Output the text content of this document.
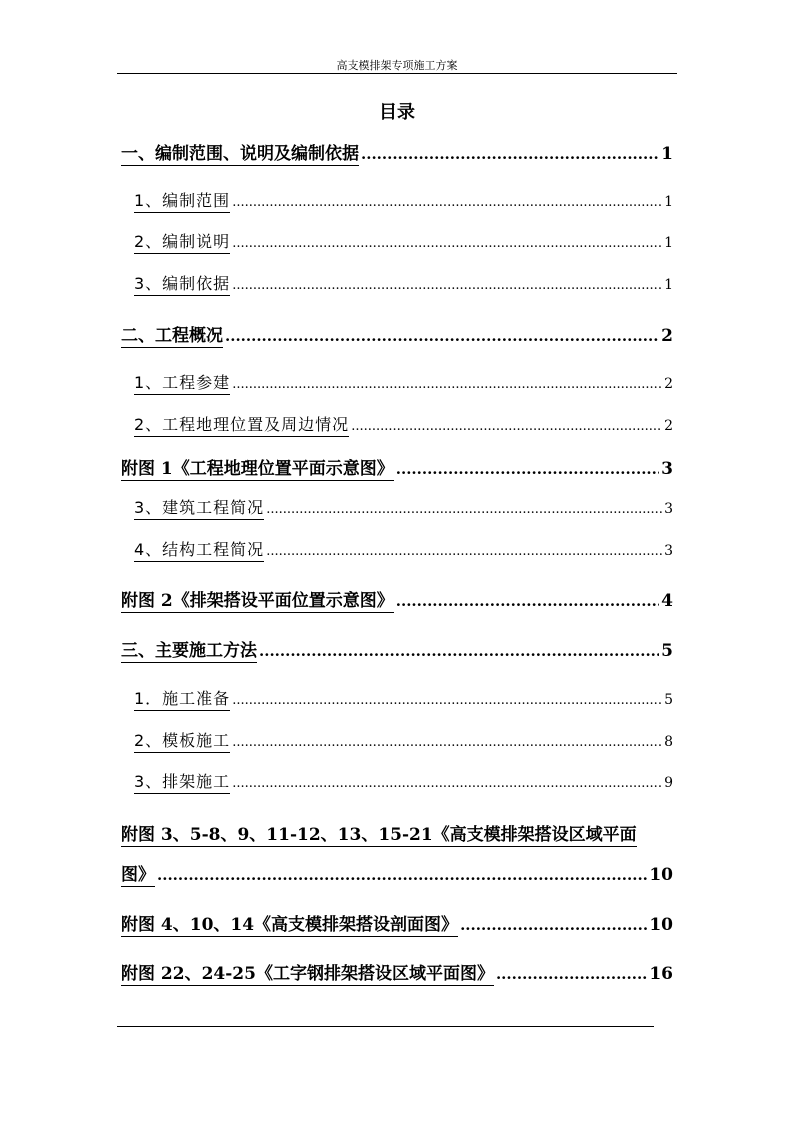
高支模排架专项施工方案
目录
一、编制范围、说明及编制依据 .....	1
1、编制范围 .....	1
2、编制说明 .....	1
3、编制依据 .....	1
二、工程概况 .....	2
1、工程参建 .....	2
2、工程地理位置及周边情况 .....	2
附图 1《工程地理位置平面示意图》 .....	3
3、建筑工程简况 .....	3
4、结构工程简况 .....	3
附图 2《排架搭设平面位置示意图》 .....	4
三、主要施工方法 .....	5
1．施工准备 .....	5
2、模板施工 .....	8
3、排架施工 .....	9
附图 3、5-8、9、11-12、13、15-21《高支模排架搭设区域平面
图》 .....	10
附图 4、10、14《高支模排架搭设剖面图》 .....	10
附图 22、24-25《工字钢排架搭设区域平面图》 .....	16
